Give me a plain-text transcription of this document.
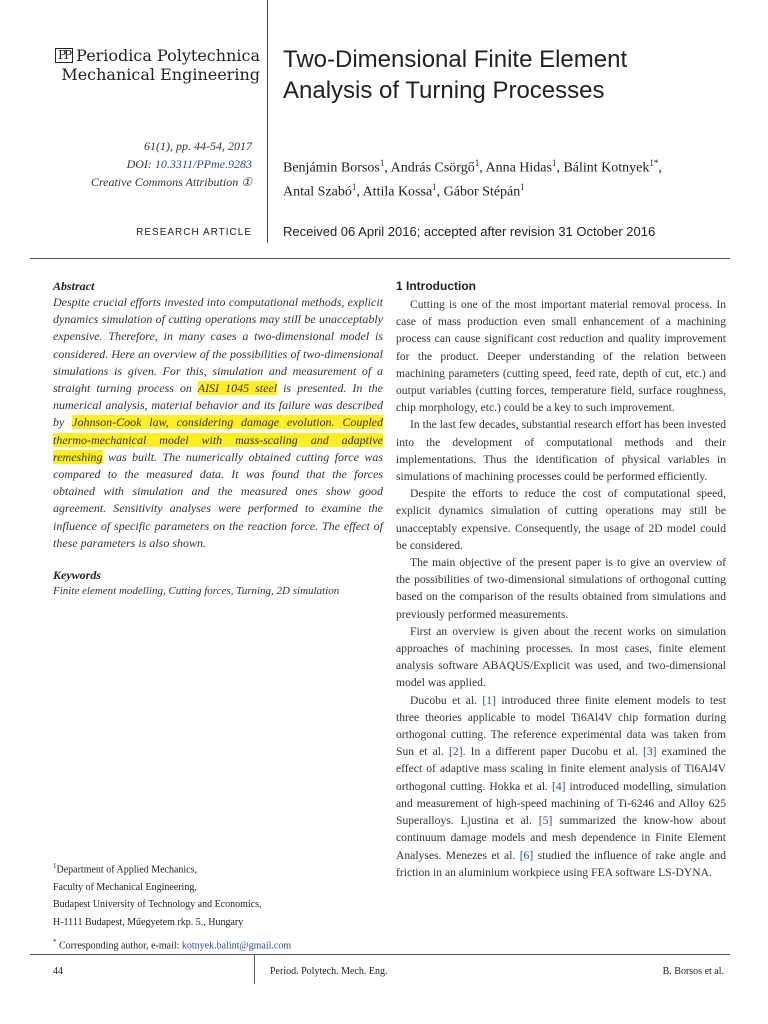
PP Periodica Polytechnica
Mechanical Engineering
Two-Dimensional Finite Element
Analysis of Turning Processes
61(1), pp. 44-54, 2017
DOI: 10.3311/PPme.9283
Creative Commons Attribution ①
Benjámin Borsos$^1$, András Csörgő$^1$, Anna Hidas$^1$, Bálint Kotnyek$^{1*}$,
Antal Szabó$^1$, Attila Kossa$^1$, Gábor Stépán$^1$
RESEARCH ARTICLE Received 06 April 2016; accepted after revision 31 October 2016
Abstract
Despite crucial efforts invested into computational methods, explicit dynamics simulation of cutting operations may still be unacceptably expensive. Therefore, in many cases a two-dimensional model is considered. Here an overview of the possibilities of two-dimensional simulations is given. For this, simulation and measurement of a straight turning process on AISI 1045 steel is presented. In the numerical analysis, material behavior and its failure was described by Johnson-Cook law, considering damage evolution. Coupled thermo-mechanical model with mass-scaling and adaptive remeshing was built. The numerically obtained cutting force was compared to the measured data. It was found that the forces obtained with simulation and the measured ones show good agreement. Sensitivity analyses were performed to examine the influence of specific parameters on the reaction force. The effect of these parameters is also shown.
Keywords
Finite element modelling, Cutting forces, Turning, 2D simulation
$^1$Department of Applied Mechanics,
Faculty of Mechanical Engineering,
Budapest University of Technology and Economics,
H-1111 Budapest, Műegyetem rkp. 5., Hungary
* Corresponding author, e-mail: kotnyek.balint@gmail.com
1 Introduction

Cutting is one of the most important material removal process. In case of mass production even small enhancement of a machining process can cause significant cost reduction and quality improvement for the product. Deeper understanding of the relation between machining parameters (cutting speed, feed rate, depth of cut, etc.) and output variables (cutting forces, temperature field, surface roughness, chip morphology, etc.) could be a key to such improvement.

In the last few decades, substantial research effort has been invested into the development of computational methods and their implementations. Thus the identification of physical variables in simulations of machining processes could be performed efficiently.

Despite the efforts to reduce the cost of computational speed, explicit dynamics simulation of cutting operations may still be unacceptably expensive. Consequently, the usage of 2D model could be considered.

The main objective of the present paper is to give an overview of the possibilities of two-dimensional simulations of orthogonal cutting based on the comparison of the results obtained from simulations and previously performed measurements.

First an overview is given about the recent works on simulation approaches of machining processes. In most cases, finite element analysis software ABAQUS/Explicit was used, and two-dimensional model was applied.

Ducobu et al. [1] introduced three finite element models to test three theories applicable to model Ti6Al4V chip formation during orthogonal cutting. The reference experimental data was taken from Sun et al. [2]. In a different paper Ducobu et al. [3] examined the effect of adaptive mass scaling in finite element analysis of Ti6Al4V orthogonal cutting. Hokka et al. [4] introduced modelling, simulation and measurement of high-speed machining of Ti-6246 and Alloy 625 Superalloys. Ljustina et al. [5] summarized the know-how about continuum damage models and mesh dependence in Finite Element Analyses. Menezes et al. [6] studied the influence of rake angle and friction in an aluminium workpiece using FEA software LS-DYNA.

44	Period. Polytech. Mech. Eng.	B. Borsos et al.
